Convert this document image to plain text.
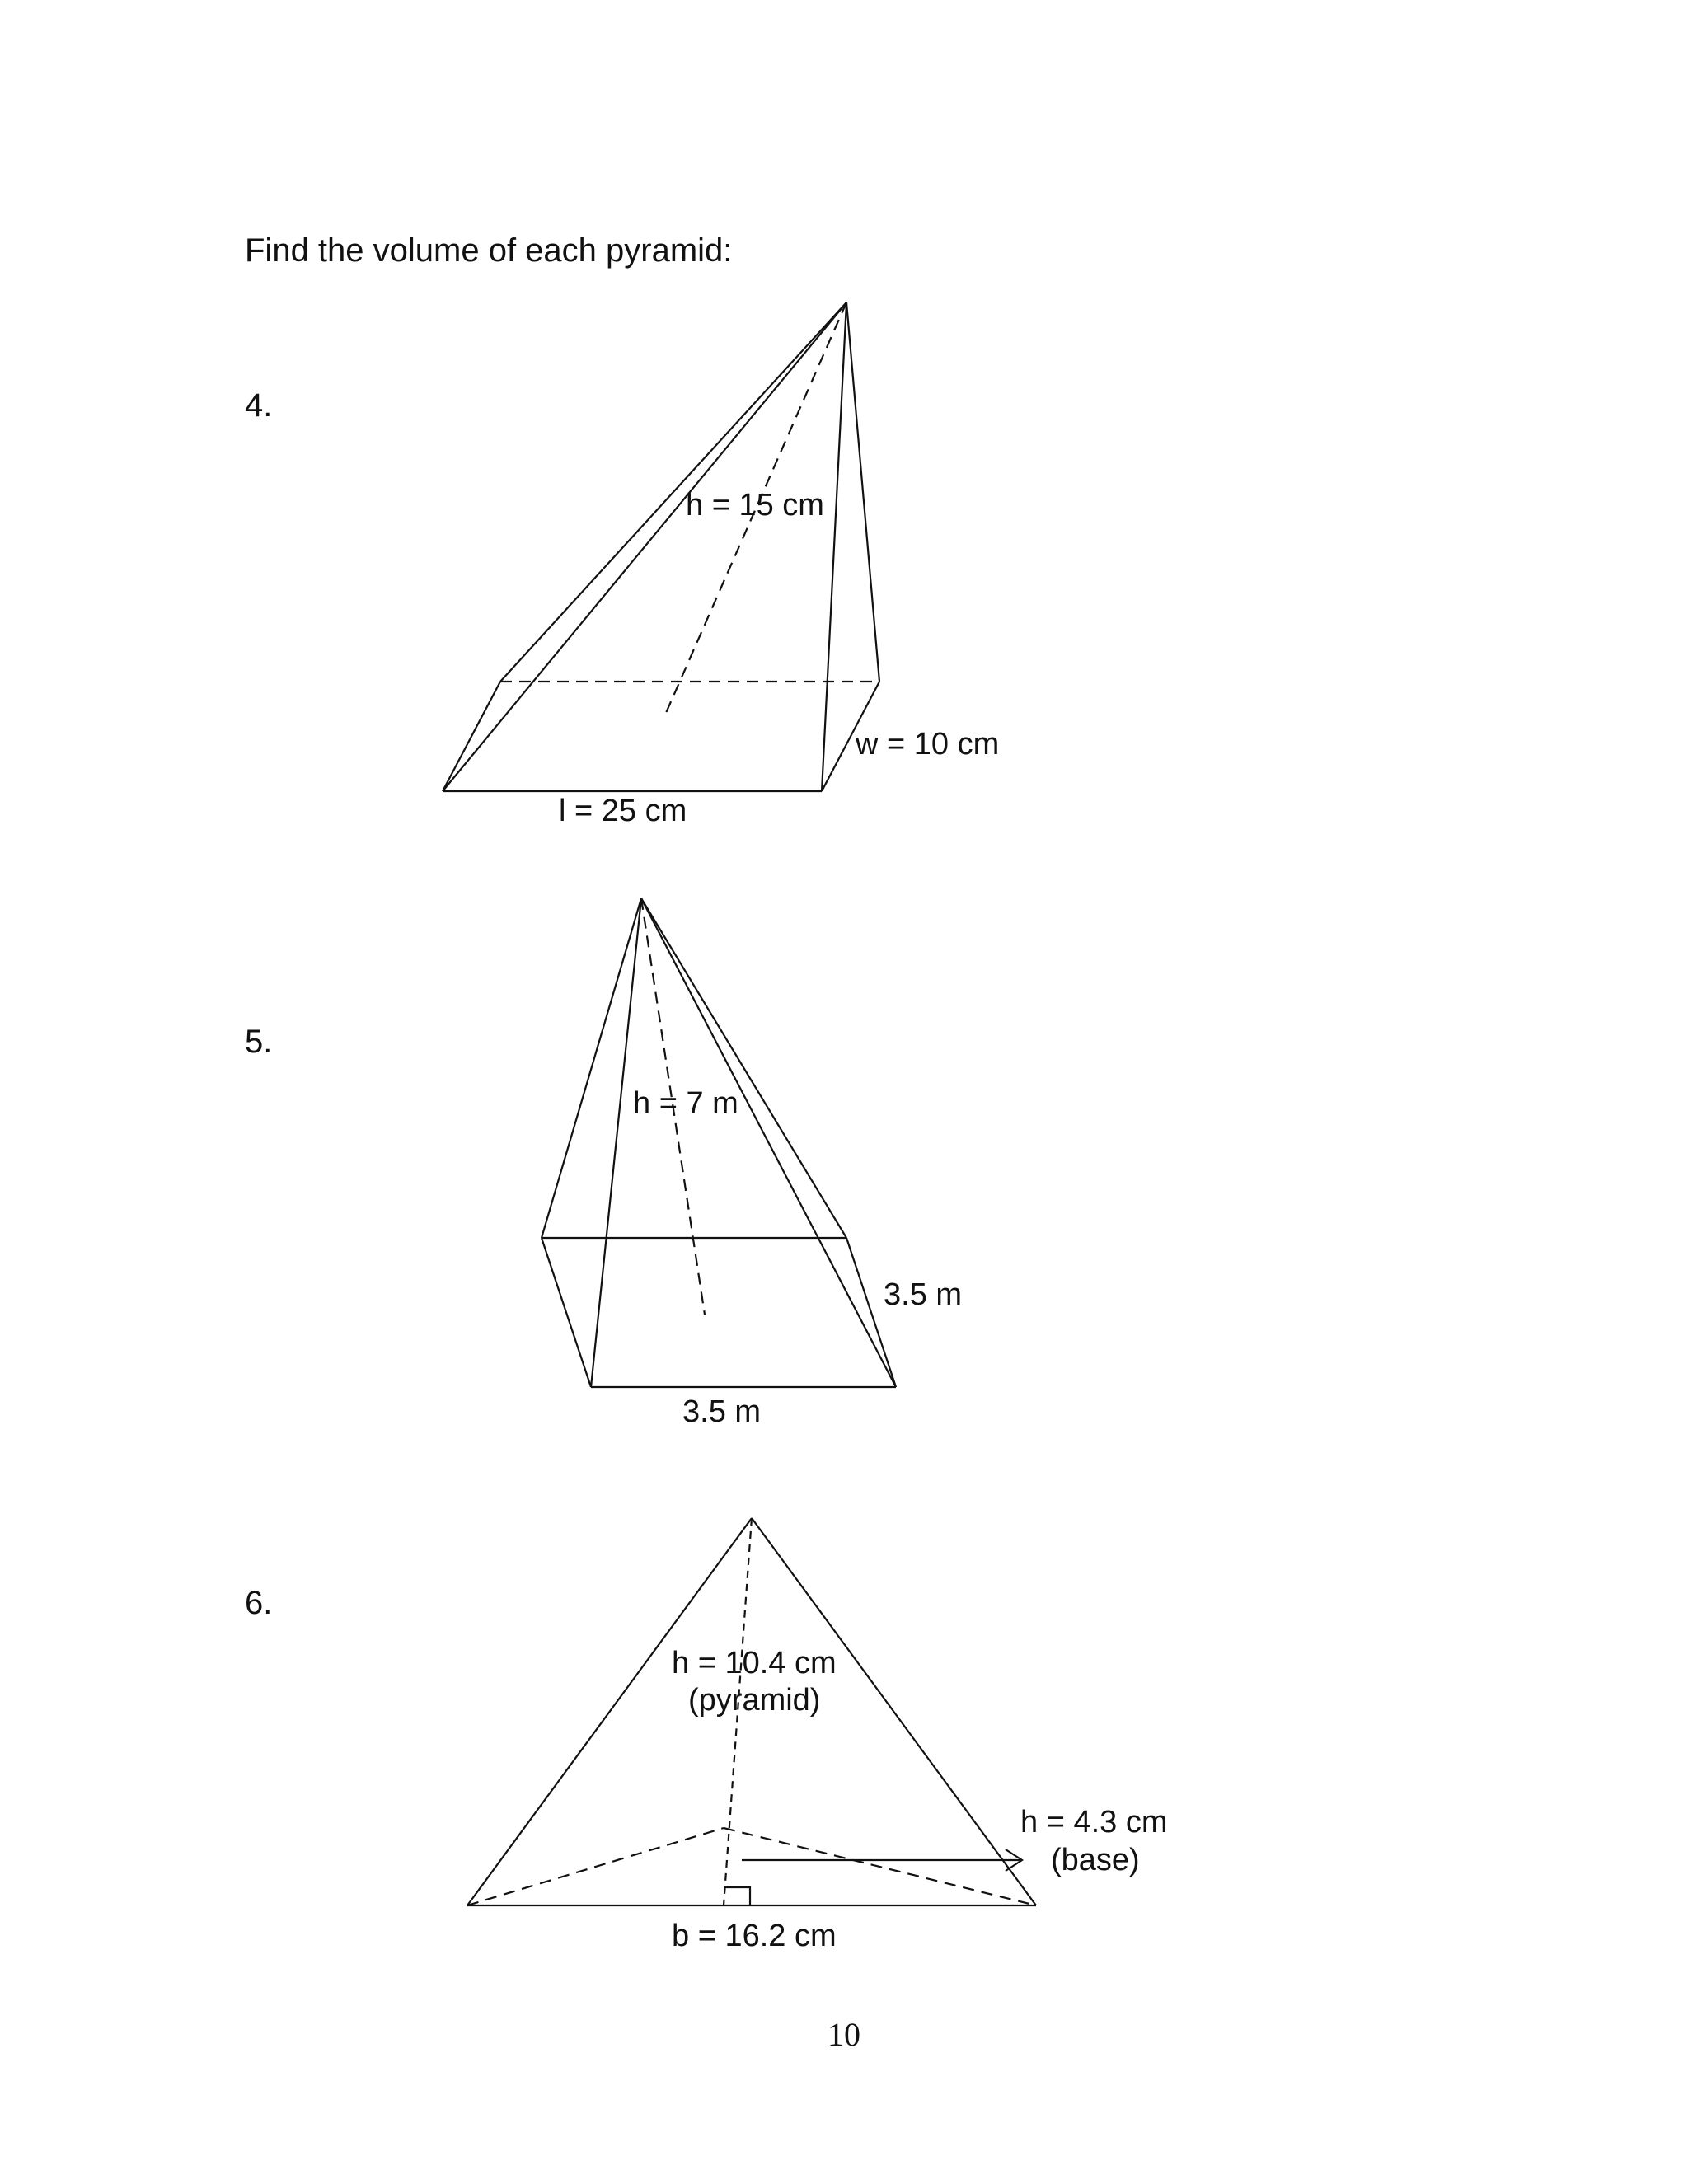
Find the volume of each pyramid:
4.
5.
6.
h = 15 cm
w = 10 cm
l = 25 cm
h = 7 m
3.5 m
3.5 m
h = 10.4 cm
(pyramid)
h = 4.3 cm
(base)
b = 16.2 cm
10
